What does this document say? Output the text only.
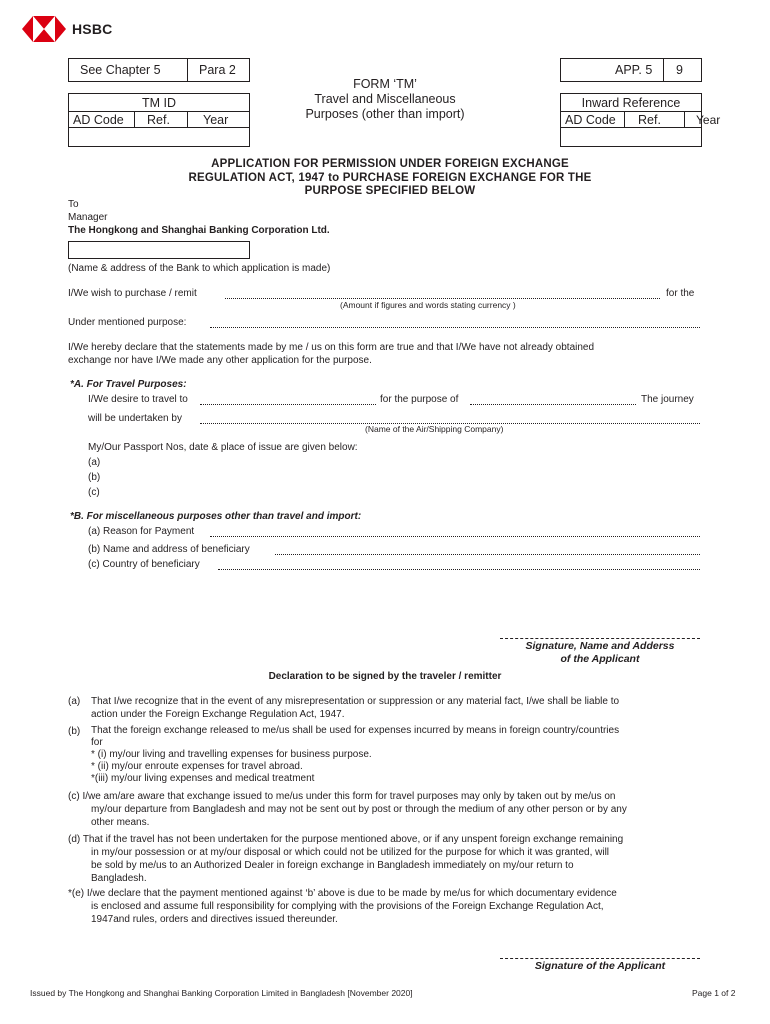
HSBC
See Chapter 5	Para 2	APP. 5 9
FORM ‘TM’
Travel and Miscellaneous
Purposes (other than import)
TM ID
AD Code Ref.	Year
Inward Reference
AD Code Ref.	Year
APPLICATION FOR PERMISSION UNDER FOREIGN EXCHANGE
REGULATION ACT, 1947 to PURCHASE FOREIGN EXCHANGE FOR THE
PURPOSE SPECIFIED BELOW
To
Manager
The Hongkong and Shanghai Banking Corporation Ltd.
(Name & address of the Bank to which application is made)
I/We wish to purchase / remit	for the
(Amount if figures and words stating currency )
Under mentioned purpose:
I/We hereby declare that the statements made by me / us on this form are true and that I/We have not already obtained
exchange nor have I/We made any other application for the purpose.
*A. For Travel Purposes:
I/We desire to travel to	for the purpose of	The journey
will be undertaken by
(Name of the Air/Shipping Company)
My/Our Passport Nos, date & place of issue are given below:
(a)
(b)
(c)
*B. For miscellaneous purposes other than travel and import:
(a) Reason for Payment
(b) Name and address of beneficiary
(c) Country of beneficiary
Signature, Name and Adderss
of the Applicant
Declaration to be signed by the traveler / remitter
(a) That I/we recognize that in the event of any misrepresentation or suppression or any material fact, I/we shall be liable to
action under the Foreign Exchange Regulation Act, 1947.
(b) That the foreign exchange released to me/us shall be used for expenses incurred by means in foreign country/countries
for
* (i) my/our living and travelling expenses for business purpose.
* (ii) my/our enroute expenses for travel abroad.
*(iii) my/our living expenses and medical treatment
(c) I/we am/are aware that exchange issued to me/us under this form for travel purposes may only by taken out by me/us on
my/our departure from Bangladesh and may not be sent out by post or through the medium of any other person or by any
other means.
(d) That if the travel has not been undertaken for the purpose mentioned above, or if any unspent foreign exchange remaining
in my/our possession or at my/our disposal or which could not be utilized for the purpose for which it was granted, will
be sold by me/us to an Authorized Dealer in foreign exchange in Bangladesh immediately on my/our return to
Bangladesh.
*(e) I/we declare that the payment mentioned against ‘b’ above is due to be made by me/us for which documentary evidence
is enclosed and assume full responsibility for complying with the provisions of the Foreign Exchange Regulation Act,
1947and rules, orders and directives issued thereunder.
Signature of the Applicant
Issued by The Hongkong and Shanghai Banking Corporation Limited in Bangladesh [November 2020]	Page 1 of 2
